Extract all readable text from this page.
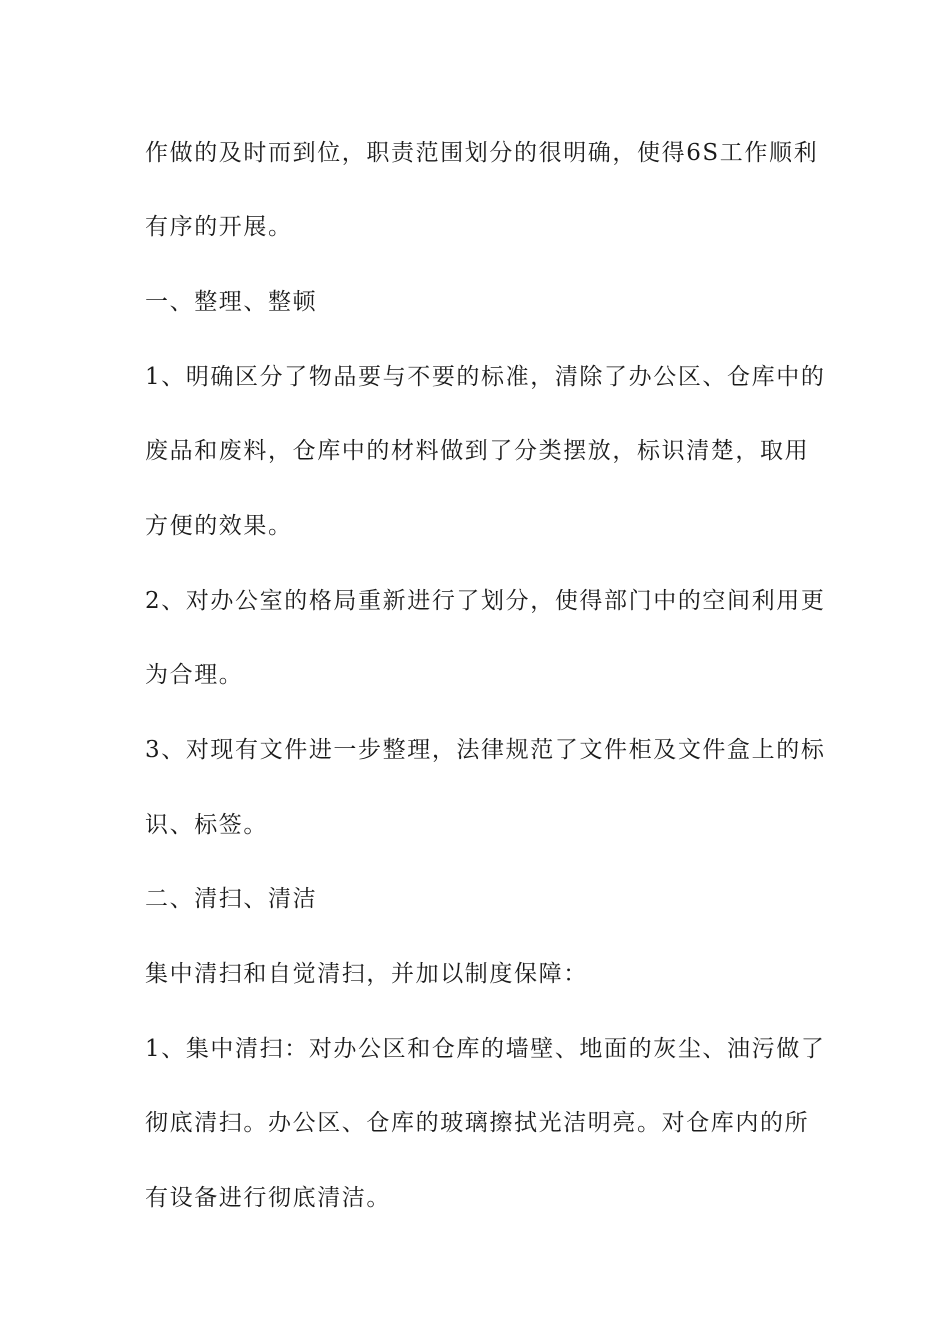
作做的及时而到位，职责范围划分的很明确，使得6S工作顺利
有序的开展。
一、整理、整顿
1、明确区分了物品要与不要的标准，清除了办公区、仓库中的
废品和废料，仓库中的材料做到了分类摆放，标识清楚，取用
方便的效果。
2、对办公室的格局重新进行了划分，使得部门中的空间利用更
为合理。
3、对现有文件进一步整理，法律规范了文件柜及文件盒上的标
识、标签。
二、清扫、清洁
集中清扫和自觉清扫，并加以制度保障：
1、集中清扫：对办公区和仓库的墙壁、地面的灰尘、油污做了
彻底清扫。办公区、仓库的玻璃擦拭光洁明亮。对仓库内的所
有设备进行彻底清洁。
